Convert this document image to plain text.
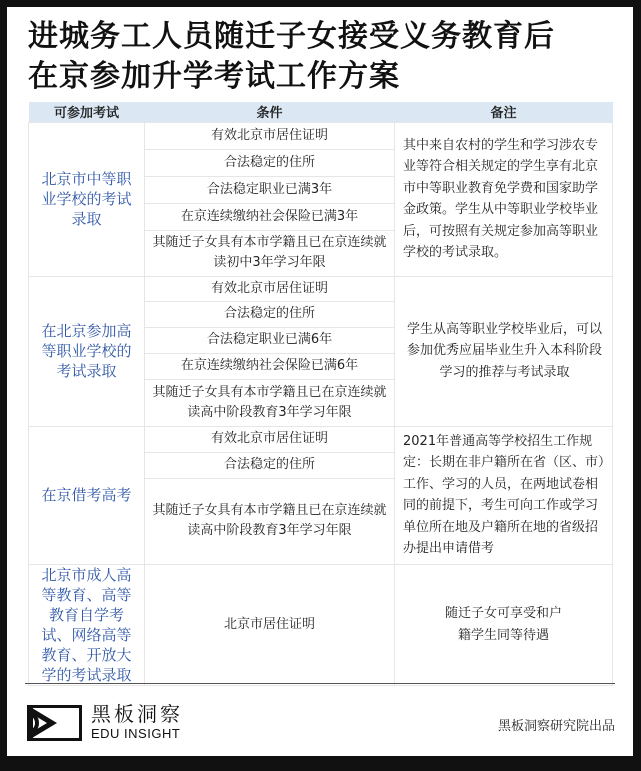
进城务工人员随迁子女接受义务教育后
在京参加升学考试工作方案
可参加考试	条件	备注
北京市中等职业学校的考试录取	有效北京市居住证明	其中来自农村的学生和学习涉农专业等符合相关规定的学生享有北京市中等职业教育免学费和国家助学金政策。学生从中等职业学校毕业后，可按照有关规定参加高等职业学校的考试录取。
	合法稳定的住所	
	合法稳定职业已满3年	
	在京连续缴纳社会保险已满3年	
	其随迁子女具有本市学籍且已在京连续就读初中3年学习年限	
在北京参加高等职业学校的考试录取	有效北京市居住证明	学生从高等职业学校毕业后，可以参加优秀应届毕业生升入本科阶段学习的推荐与考试录取
	合法稳定的住所	
	合法稳定职业已满6年	
	在京连续缴纳社会保险已满6年	
	其随迁子女具有本市学籍且已在京连续就读高中阶段教育3年学习年限	
在京借考高考	有效北京市居住证明	2021年普通高等学校招生工作规定：长期在非户籍所在省（区、市）工作、学习的人员，在两地试卷相同的前提下，考生可向工作或学习单位所在地及户籍所在地的省级招办提出申请借考
	合法稳定的住所	
	其随迁子女具有本市学籍且已在京连续就读高中阶段教育3年学习年限	
北京市成人高等教育、高等教育自学考试、网络高等教育、开放大学的考试录取	北京市居住证明	随迁子女可享受和户籍学生同等待遇
黑板洞察
EDU INSIGHT	黑板洞察研究院出品
